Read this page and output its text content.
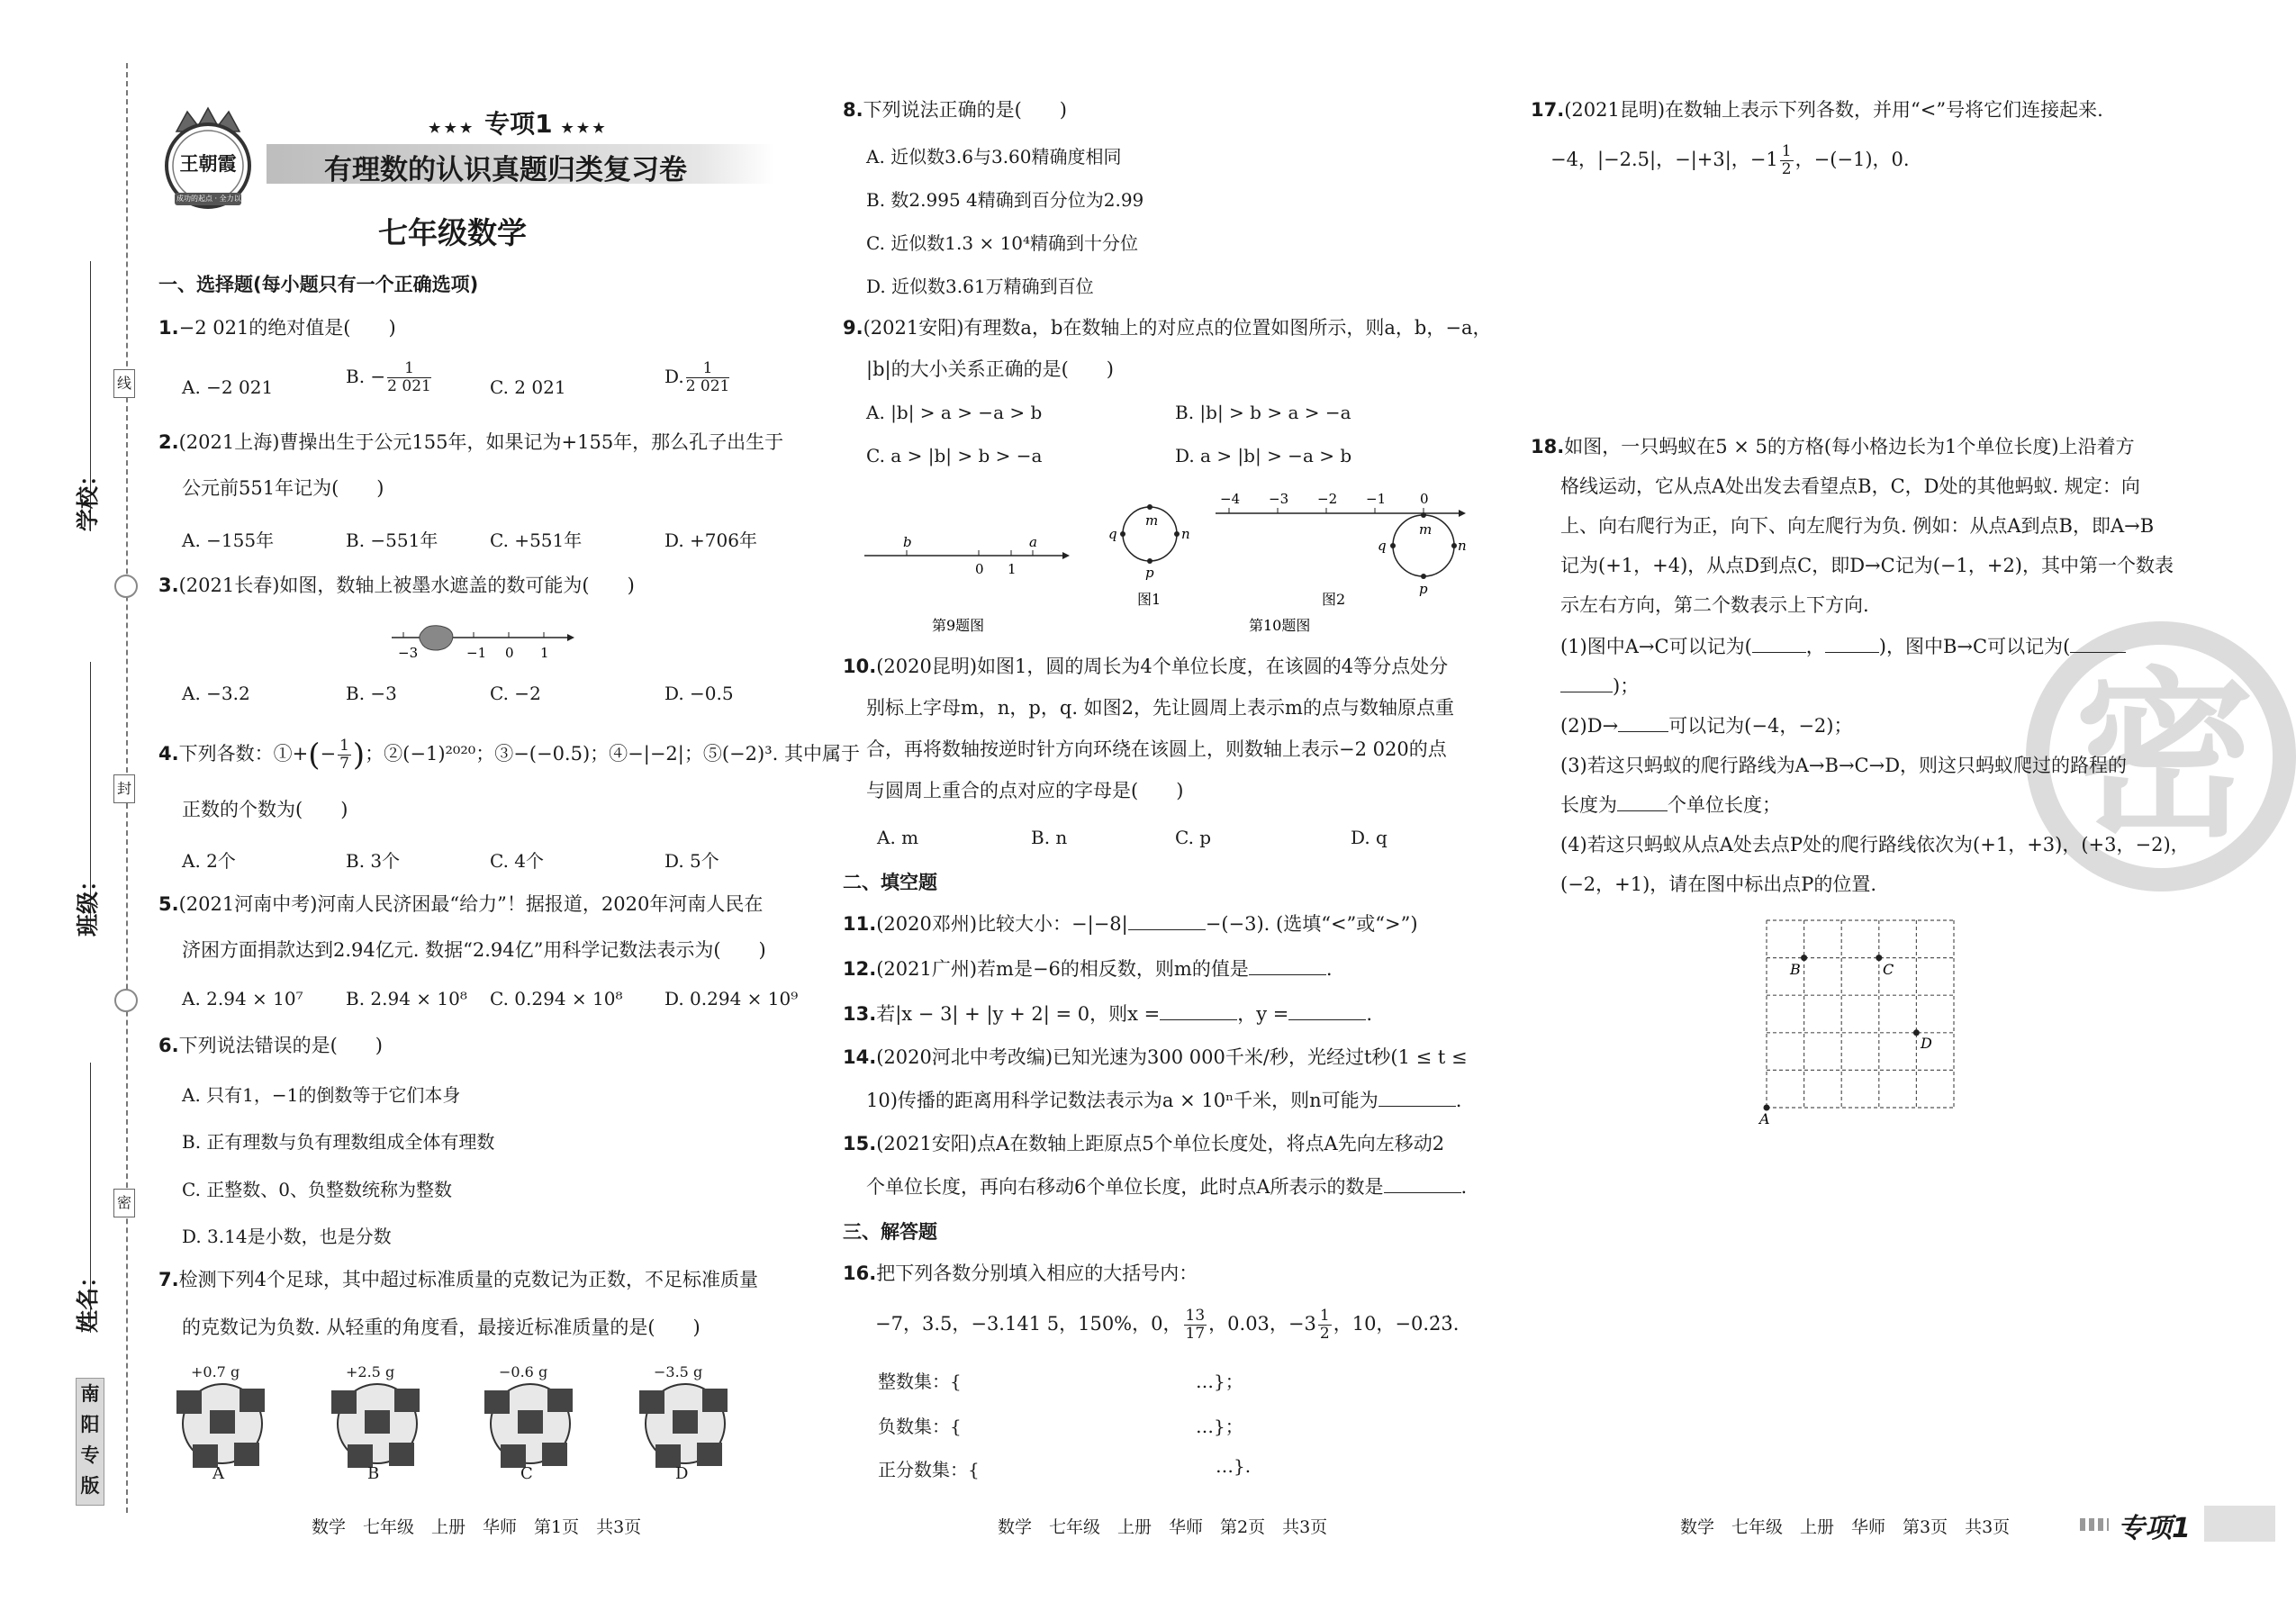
学校：
班级：
姓名：
线
封
密
南
阳
专
版
王朝霞
成功的起点 · 全力以赴
★★★ 专项1 ★★★
有理数的认识真题归类复习卷
七年级数学
一、选择题(每小题只有一个正确选项)
1.−2 021的绝对值是(　　)
A. −2 021	B. − $\frac{1}{2 021}$	C. 2 021	D. $\frac{1}{2 021}$
2.(2021上海)曹操出生于公元155年，如果记为+155年，那么孔子出生于
公元前551年记为(　　)
A. −155年	B. −551年	C. +551年	D. +706年
3.(2021长春)如图，数轴上被墨水遮盖的数可能为(　　)
−3	−1 0 1
A. −3.2	B. −3	C. −2	D. −0.5
4.下列各数：①+(− $\frac{1}{7}$ )；②(−1)²⁰²⁰；③−(−0.5)；④−|−2|；⑤(−2)³. 其中属于
正数的个数为(　　)
A. 2个	B. 3个	C. 4个	D. 5个
5.(2021河南中考)河南人民济困最“给力”！据报道，2020年河南人民在
济困方面捐款达到2.94亿元. 数据“2.94亿”用科学记数法表示为(　　)
A. 2.94 × 10⁷ B. 2.94 × 10⁸ C. 0.294 × 10⁸ D. 0.294 × 10⁹
6.下列说法错误的是(　　)
A. 只有1，−1的倒数等于它们本身
B. 正有理数与负有理数组成全体有理数
C. 正整数、0、负整数统称为整数
D. 3.14是小数，也是分数
7.检测下列4个足球，其中超过标准质量的克数记为正数，不足标准质量
的克数记为负数. 从轻重的角度看，最接近标准质量的是(　　)
+0.7 g
A
+2.5 g
B
−0.6 g
C
−3.5 g
D
数学　七年级　上册　华师　第1页　共3页
8.下列说法正确的是(　　)
A. 近似数3.6与3.60精确度相同
B. 数2.995 4精确到百分位为2.99
C. 近似数1.3 × 10⁴精确到十分位
D. 近似数3.61万精确到百位
9.(2021安阳)有理数a，b在数轴上的对应点的位置如图所示，则a，b，−a，
|b|的大小关系正确的是(　　)
A. |b| > a > −a > b	B. |b| > b > a > −a
C. a > |b| > b > −a	D. a > |b| > −a > b
b	a
0 1
第9题图
m
n
p
q
图1
−4 −3 −2 −1	0
m
n
p
q
图2
第10题图
10.(2020昆明)如图1，圆的周长为4个单位长度，在该圆的4等分点处分
别标上字母m，n，p，q. 如图2，先让圆周上表示m的点与数轴原点重
合，再将数轴按逆时针方向环绕在该圆上，则数轴上表示−2 020的点
与圆周上重合的点对应的字母是(　　)
A. m	B. n	C. p	D. q
二、填空题
11.(2020邓州)比较大小：−|−8|	−(−3). (选填“<”或“>”)
12.(2021广州)若m是−6的相反数，则m的值是	.
13.若|x − 3| + |y + 2| = 0，则x =	，y =	.
14.(2020河北中考改编)已知光速为300 000千米/秒，光经过t秒(1 ≤ t ≤
10)传播的距离用科学记数法表示为a × 10ⁿ千米，则n可能为	.
15.(2021安阳)点A在数轴上距原点5个单位长度处，将点A先向左移动2
个单位长度，再向右移动6个单位长度，此时点A所表示的数是	.
三、解答题
16.把下列各数分别填入相应的大括号内：
−7，3.5，−3.141 5，150%，0， $\frac{13}{17}$ ，0.03，$-3 \frac{1}{2}$ ，10，−0.2̇3̇.
整数集：{	…}；
负数集：{	…}；
正分数集：{	…}.
数学　七年级　上册　华师　第2页　共3页
密
17.(2021昆明)在数轴上表示下列各数，并用“<”号将它们连接起来.
−4，|−2.5|，−|+3|，$-1 \frac{1}{2}$ ，−(−1)，0.
18.如图，一只蚂蚁在5 × 5的方格(每小格边长为1个单位长度)上沿着方
格线运动，它从点A处出发去看望点B，C，D处的其他蚂蚁. 规定：向
上、向右爬行为正，向下、向左爬行为负. 例如：从点A到点B，即A→B
记为(+1，+4)，从点D到点C，即D→C记为(−1，+2)，其中第一个数表
示左右方向，第二个数表示上下方向.
(1)图中A→C可以记为(	，	)，图中B→C可以记为(
)；
(2)D→	可以记为(−4，−2)；
(3)若这只蚂蚁的爬行路线为A→B→C→D，则这只蚂蚁爬过的路程的
长度为	个单位长度；
(4)若这只蚂蚁从点A处去点P处的爬行路线依次为(+1，+3)，(+3，−2)，
(−2，+1)，请在图中标出点P的位置.
A
B	C
D
数学　七年级　上册　华师　第3页　共3页	专项1
